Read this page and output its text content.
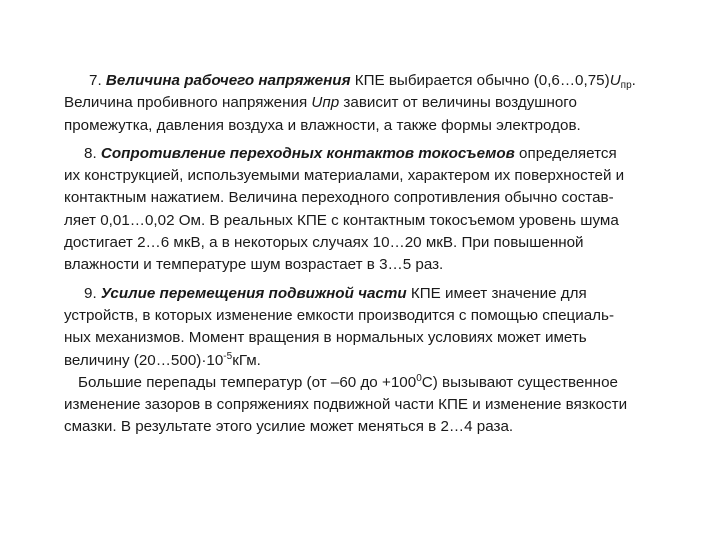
7. Величина рабочего напряжения КПЕ выбирается обычно $(0,6\dots 0,75)U_{пр}$.
Величина пробивного напряжения Uпр зависит от величины воздушного
промежутка, давления воздуха и влажности, а также формы электродов.
8. Сопротивление переходных контактов токосъемов определяется
их конструкцией, используемыми материалами, характером их поверхностей и
контактным нажатием. Величина переходного сопротивления обычно состав-
ляет 0,01…0,02 Ом. В реальных КПЕ с контактным токосъемом уровень шума
достигает 2…6 мкВ, а в некоторых случаях 10…20 мкВ. При повышенной
влажности и температуре шум возрастает в 3…5 раз.
9. Усилие перемещения подвижной части КПЕ имеет значение для
устройств, в которых изменение емкости производится с помощью специаль-
ных механизмов. Момент вращения в нормальных условиях может иметь
величину $(20\dots 500)\cdot 10^{-5}кГм$.
Большие перепады температур (от –60 до $+100^0С$) вызывают существенное
изменение зазоров в сопряжениях подвижной части КПЕ и изменение вязкости
смазки. В результате этого усилие может меняться в 2…4 раза.
